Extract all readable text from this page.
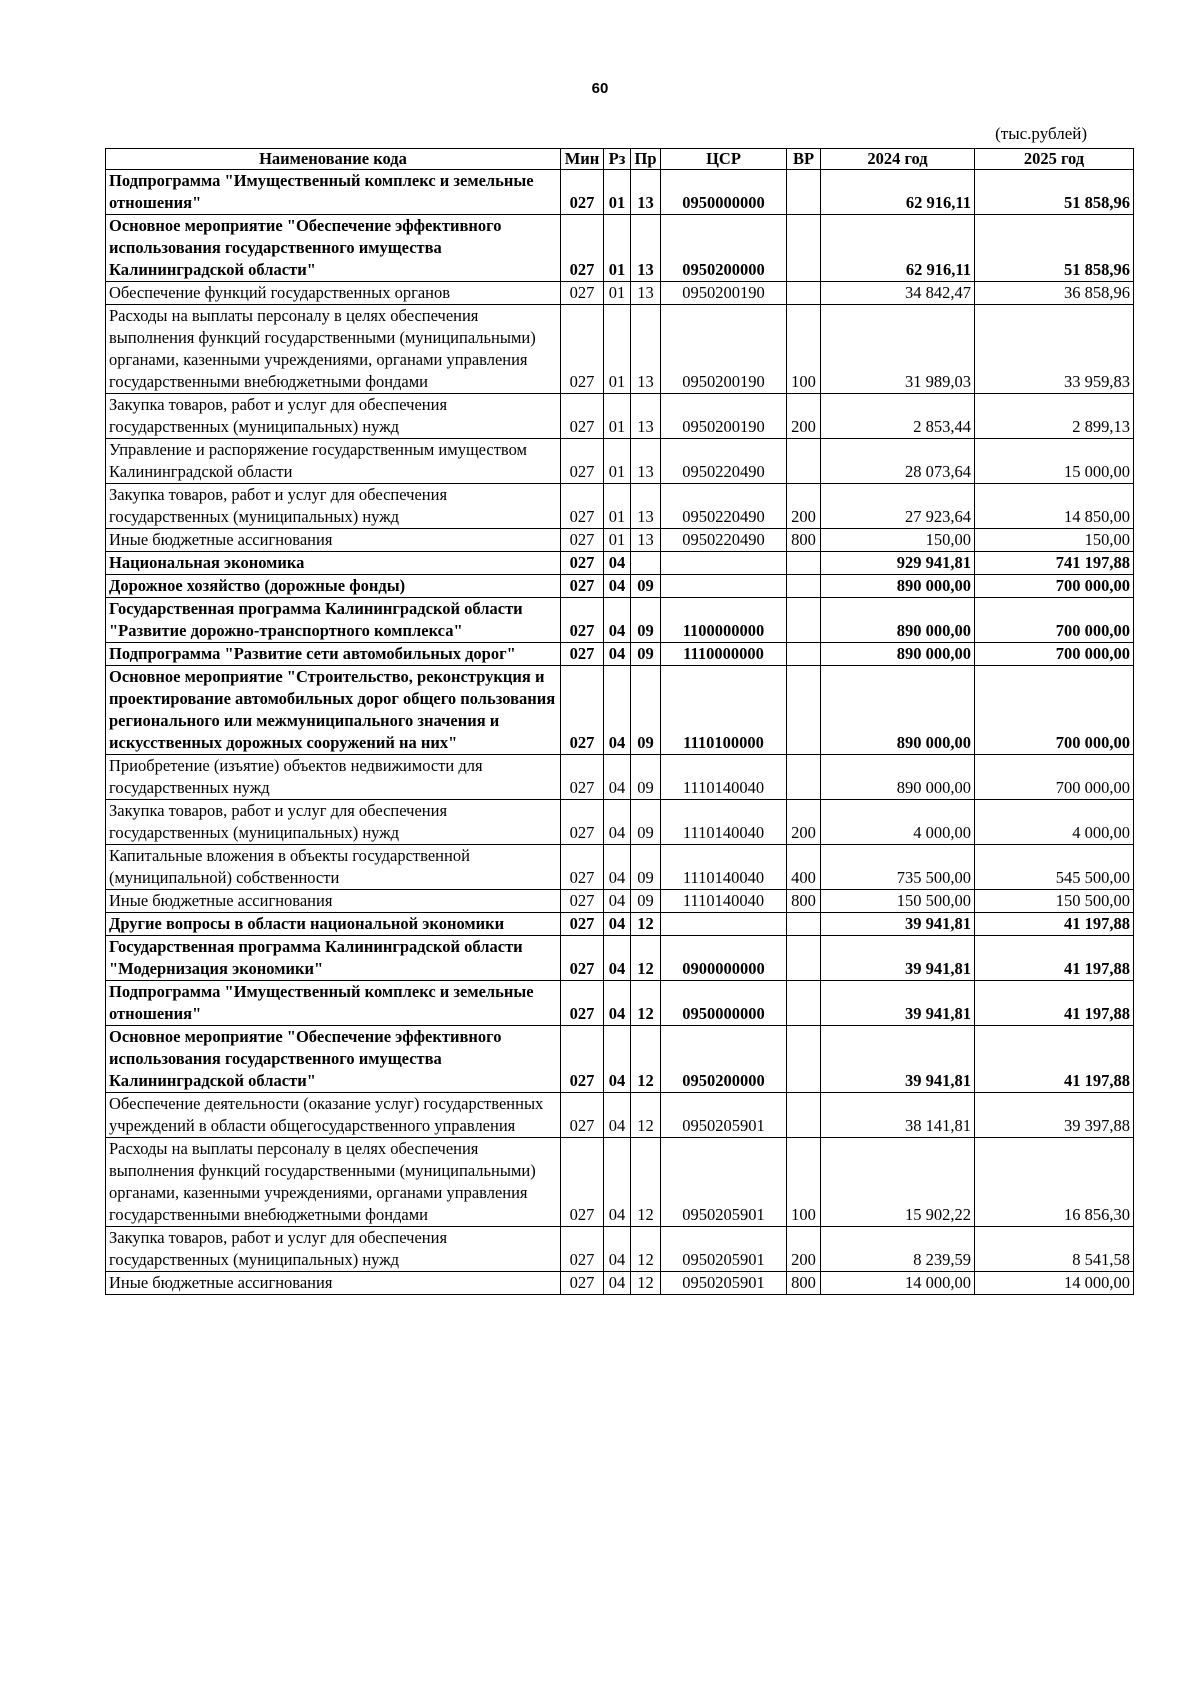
60
(тыс.рублей)
Наименование кода	Мин	Рз	Пр	ЦСР	ВР	2024 год	2025 год
Подпрограмма "Имущественный комплекс и земельные отношения"	027	01	13	0950000000		62 916,11	51 858,96
Основное мероприятие "Обеспечение эффективного использования государственного имущества Калининградской области"	027	01	13	0950200000		62 916,11	51 858,96
Обеспечение функций государственных органов	027	01	13	0950200190		34 842,47	36 858,96
Расходы на выплаты персоналу в целях обеспечения выполнения функций государственными (муниципальными) органами, казенными учреждениями, органами управления государственными внебюджетными фондами	027	01	13	0950200190	100	31 989,03	33 959,83
Закупка товаров, работ и услуг для обеспечения государственных (муниципальных) нужд	027	01	13	0950200190	200	2 853,44	2 899,13
Управление и распоряжение государственным имуществом Калининградской области	027	01	13	0950220490		28 073,64	15 000,00
Закупка товаров, работ и услуг для обеспечения государственных (муниципальных) нужд	027	01	13	0950220490	200	27 923,64	14 850,00
Иные бюджетные ассигнования	027	01	13	0950220490	800	150,00	150,00
Национальная экономика	027	04				929 941,81	741 197,88
Дорожное хозяйство (дорожные фонды)	027	04	09			890 000,00	700 000,00
Государственная программа Калининградской области "Развитие дорожно-транспортного комплекса"	027	04	09	1100000000		890 000,00	700 000,00
Подпрограмма "Развитие сети автомобильных дорог"	027	04	09	1110000000		890 000,00	700 000,00
Основное мероприятие "Строительство, реконструкция и проектирование автомобильных дорог общего пользования регионального или межмуниципального значения и искусственных дорожных сооружений на них"	027	04	09	1110100000		890 000,00	700 000,00
Приобретение (изъятие) объектов недвижимости для государственных нужд	027	04	09	1110140040		890 000,00	700 000,00
Закупка товаров, работ и услуг для обеспечения государственных (муниципальных) нужд	027	04	09	1110140040	200	4 000,00	4 000,00
Капитальные вложения в объекты государственной (муниципальной) собственности	027	04	09	1110140040	400	735 500,00	545 500,00
Иные бюджетные ассигнования	027	04	09	1110140040	800	150 500,00	150 500,00
Другие вопросы в области национальной экономики	027	04	12			39 941,81	41 197,88
Государственная программа Калининградской области "Модернизация экономики"	027	04	12	0900000000		39 941,81	41 197,88
Подпрограмма "Имущественный комплекс и земельные отношения"	027	04	12	0950000000		39 941,81	41 197,88
Основное мероприятие "Обеспечение эффективного использования государственного имущества Калининградской области"	027	04	12	0950200000		39 941,81	41 197,88
Обеспечение деятельности (оказание услуг) государственных учреждений в области общегосударственного управления	027	04	12	0950205901		38 141,81	39 397,88
Расходы на выплаты персоналу в целях обеспечения выполнения функций государственными (муниципальными) органами, казенными учреждениями, органами управления государственными внебюджетными фондами	027	04	12	0950205901	100	15 902,22	16 856,30
Закупка товаров, работ и услуг для обеспечения государственных (муниципальных) нужд	027	04	12	0950205901	200	8 239,59	8 541,58
Иные бюджетные ассигнования	027	04	12	0950205901	800	14 000,00	14 000,00
